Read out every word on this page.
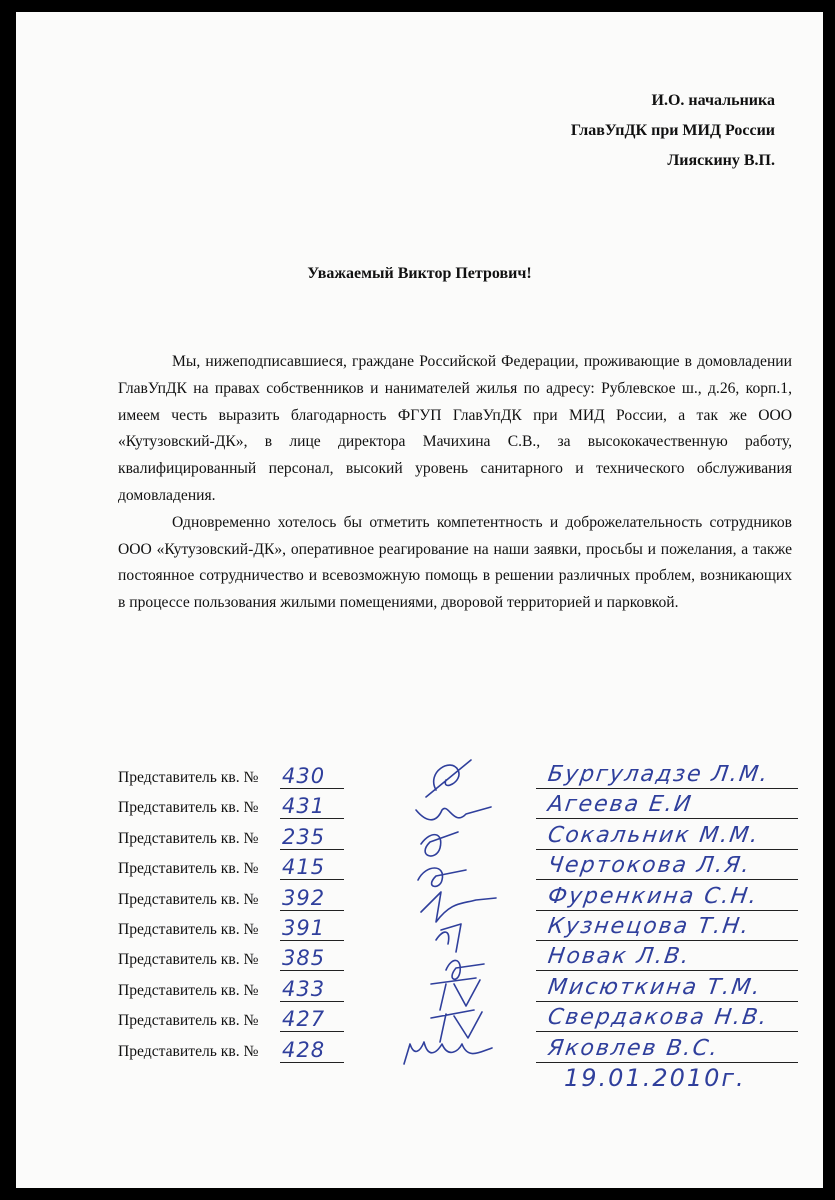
И.О. начальника
ГлавУпДК при МИД России
Лияскину В.П.
Уважаемый Виктор Петрович!

Мы, нижеподписавшиеся, граждане Российской Федерации, проживающие в домовладении ГлавУпДК на правах собственников и нанимателей жилья по адресу: Рублевское ш., д.26, корп.1, имеем честь выразить благодарность ФГУП ГлавУпДК при МИД России, а так же ООО «Кутузовский-ДК», в лице директора Мачихина С.В., за высококачественную работу, квалифицированный персонал, высокий уровень санитарного и технического обслуживания домовладения.

Одновременно хотелось бы отметить компетентность и доброжелательность сотрудников ООО «Кутузовский-ДК», оперативное реагирование на наши заявки, просьбы и пожелания, а также постоянное сотрудничество и всевозможную помощь в решении различных проблем, возникающих в процессе пользования жилыми помещениями, дворовой территорией и парковкой.

Представитель кв. № 430
Представитель кв. № 431
Представитель кв. № 235
Представитель кв. № 415
Представитель кв. № 392
Представитель кв. № 391
Представитель кв. № 385
Представитель кв. № 433
Представитель кв. № 427
Представитель кв. № 428
Бургуладзе Л.М.
Агеева Е.И
Сокальник М.М.
Чертокова Л.Я.
Фуренкина С.Н.
Кузнецова Т.Н.
Новак Л.В.
Мисюткина Т.М.
Свердакова Н.В.
Яковлев В.С.
19.01.2010г.
